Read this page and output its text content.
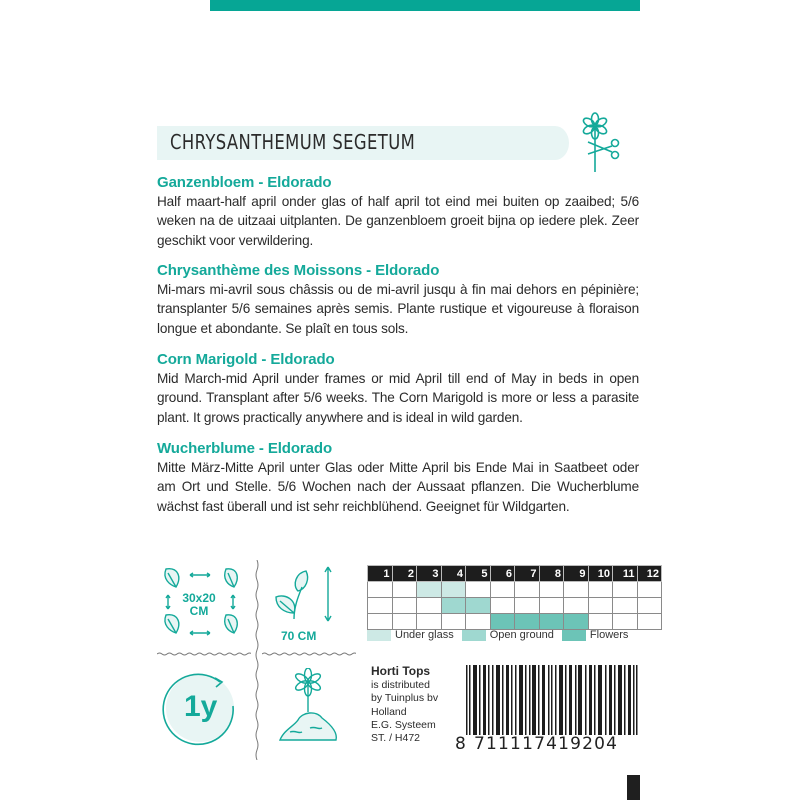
CHRYSANTHEMUM SEGETUM

Ganzenbloem - Eldorado

Half maart-half april onder glas of half april tot eind mei buiten op zaaibed; 5/6 weken na de uitzaai uitplanten. De ganzenbloem groeit bijna op iedere plek. Zeer geschikt voor verwildering.

Chrysanthème des Moissons - Eldorado

Mi-mars mi-avril sous châssis ou de mi-avril jusqu à fin mai dehors en pépinière; transplanter 5/6 semaines après semis. Plante rustique et vigoureuse à floraison longue et abondante. Se plaît en tous sols.

Corn Marigold - Eldorado

Mid March-mid April under frames or mid April till end of May in beds in open ground. Transplant after 5/6 weeks. The Corn Marigold is more or less a parasite plant. It grows practically anywhere and is ideal in wild garden.

Wucherblume - Eldorado

Mitte März-Mitte April unter Glas oder Mitte April bis Ende Mai in Saatbeet oder am Ort und Stelle. 5/6 Wochen nach der Aussaat pflanzen. Die Wucherblume wächst fast überall und ist sehr reichblühend. Geeignet für Wildgarten.

30x20
CM
70 CM
1y
1	2	3	4	5	6	7	8	9	10	11	12

Under glass	Open ground	Flowers
Horti Tops
is distributed
by Tuinplus bv
Holland
E.G. Systeem
ST. / H472	8 711117419204
